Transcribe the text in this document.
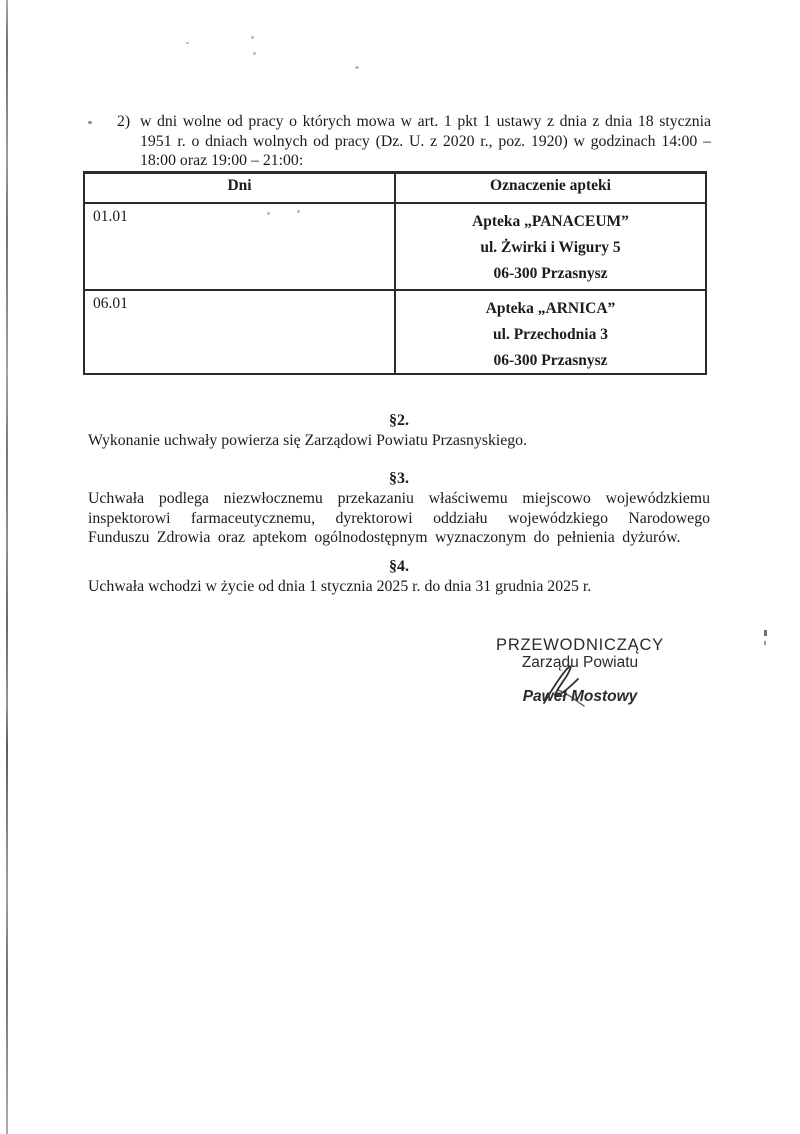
2) w dni wolne od pracy o których mowa w art. 1 pkt 1 ustawy z dnia z dnia 18 stycznia 1951 r. o dniach wolnych od pracy (Dz. U. z 2020 r., poz. 1920) w godzinach 14:00 – 18:00 oraz 19:00 – 21:00:
Dni	Oznaczenie apteki
01.01	Apteka „PANACEUM”
ul. Żwirki i Wigury 5
06-300 Przasnysz
06.01	Apteka „ARNICA”
ul. Przechodnia 3
06-300 Przasnysz
§2.
Wykonanie uchwały powierza się Zarządowi Powiatu Przasnyskiego.
§3.
Uchwała podlega niezwłocznemu przekazaniu właściwemu miejscowo wojewódzkiemu inspektorowi farmaceutycznemu, dyrektorowi oddziału wojewódzkiego Narodowego Funduszu Zdrowia oraz aptekom ogólnodostępnym wyznaczonym do pełnienia dyżurów.
§4.
Uchwała wchodzi w życie od dnia 1 stycznia 2025 r. do dnia 31 grudnia 2025 r.
PRZEWODNICZĄCY
Zarządu Powiatu
Paweł Mostowy
